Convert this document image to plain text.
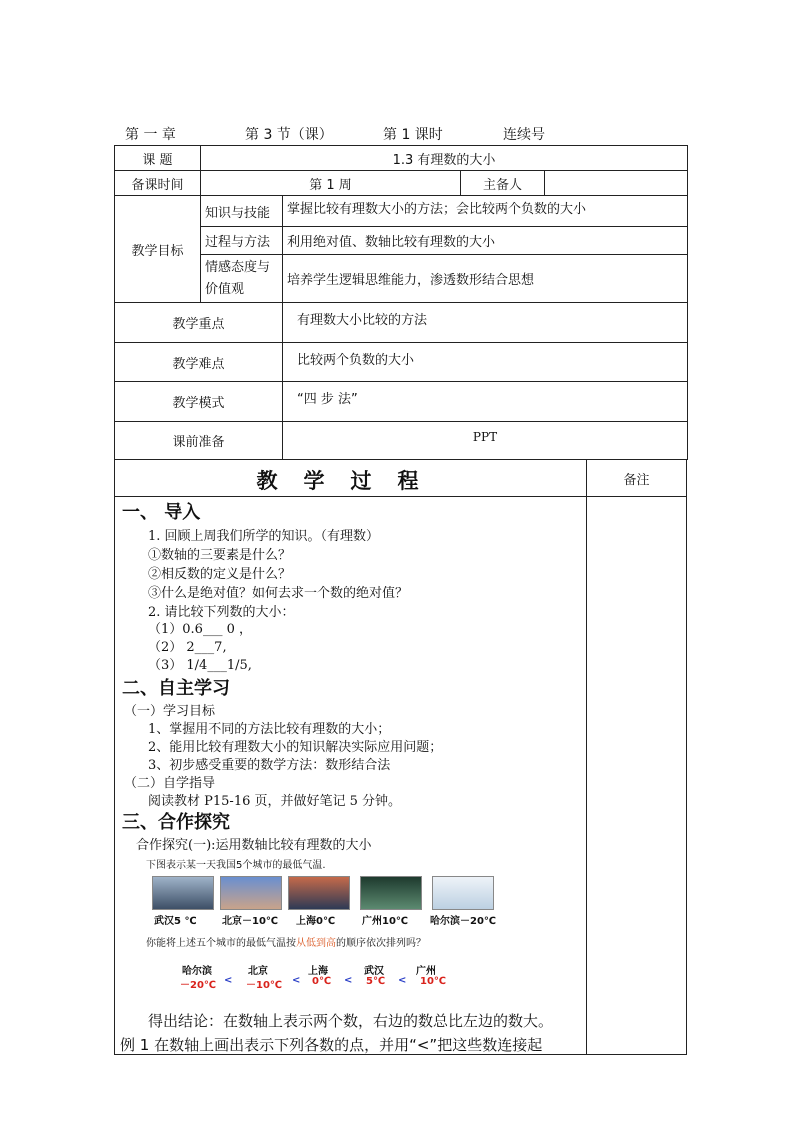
第 一 章

	第 3 节（课）

	第 1 课时

	连续号

课 题	1.3 有理数的大小			
备课时间	第 1 周		主备人	
教学目标	知识与技能	掌握比较有理数大小的方法；会比较两个负数的大小		
	过程与方法	利用绝对值、数轴比较有理数的大小		

	情感态度与
价值观	培养学生逻辑思维能力，渗透数形结合思想		
教学重点		有理数大小比较的方法		
教学难点		比较两个负数的大小		
教学模式		“四 步 法”		
课前准备		PPT		
教学过程	备注
一、 导入
1. 回顾上周我们所学的知识。（有理数）
①数轴的三要素是什么？
②相反数的定义是什么？
③什么是绝对值？如何去求一个数的绝对值？
2. 请比较下列数的大小：
（1）0.6___ 0 ，
（2） 2___7,
（3） 1/4___1/5,
二、自主学习
（一）学习目标
1、掌握用不同的方法比较有理数的大小；
2、能用比较有理数大小的知识解决实际应用问题；
3、初步感受重要的数学方法：数形结合法
（二）自学指导
阅读教材 P15-16 页，并做好笔记 5 分钟。
三、合作探究
合作探究(一):运用数轴比较有理数的大小
下图表示某一天我国5个城市的最低气温.
武汉5 ℃	北京－10℃ 上海0℃	广州10℃ 哈尔滨－20℃
你能将上述五个城市的最低气温按从低到高的顺序依次排列吗？
哈尔滨	北京	上海	武汉	广州
－20℃ < －10℃ < 0℃ < 5℃ < 10℃
得出结论：在数轴上表示两个数，右边的数总比左边的数大。
例 1 在数轴上画出表示下列各数的点，并用“<”把这些数连接起
